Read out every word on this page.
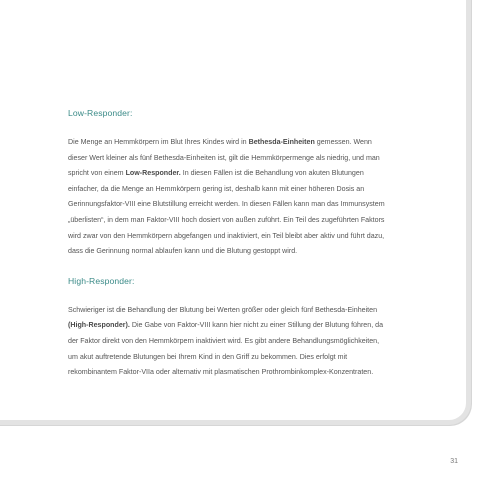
Low-Responder:

Die Menge an Hemmkörpern im Blut Ihres Kindes wird in Bethesda-Einheiten gemessen. Wenn dieser Wert kleiner als fünf Bethesda-Einheiten ist, gilt die Hemmkörpermenge als niedrig, und man spricht von einem Low-Responder. In diesen Fällen ist die Behandlung von akuten Blutungen einfacher, da die Menge an Hemmkörpern gering ist, deshalb kann mit einer höheren Dosis an Gerinnungsfaktor-VIII eine Blutstillung erreicht werden. In diesen Fällen kann man das Immunsystem „überlisten“, in dem man Faktor-VIII hoch dosiert von außen zuführt. Ein Teil des zugeführten Faktors wird zwar von den Hemmkörpern abgefangen und inaktiviert, ein Teil bleibt aber aktiv und führt dazu, dass die Gerinnung normal ablaufen kann und die Blutung gestoppt wird.

High-Responder:

Schwieriger ist die Behandlung der Blutung bei Werten größer oder gleich fünf Bethesda-Einheiten (High-Responder). Die Gabe von Faktor-VIII kann hier nicht zu einer Stillung der Blutung führen, da der Faktor direkt von den Hemmkörpern inaktiviert wird. Es gibt andere Behandlungsmöglichkeiten, um akut auftretende Blutungen bei Ihrem Kind in den Griff zu bekommen. Dies erfolgt mit rekombinantem Faktor-VIIa oder alternativ mit plasmatischen Prothrombinkomplex-Konzentraten.

31
